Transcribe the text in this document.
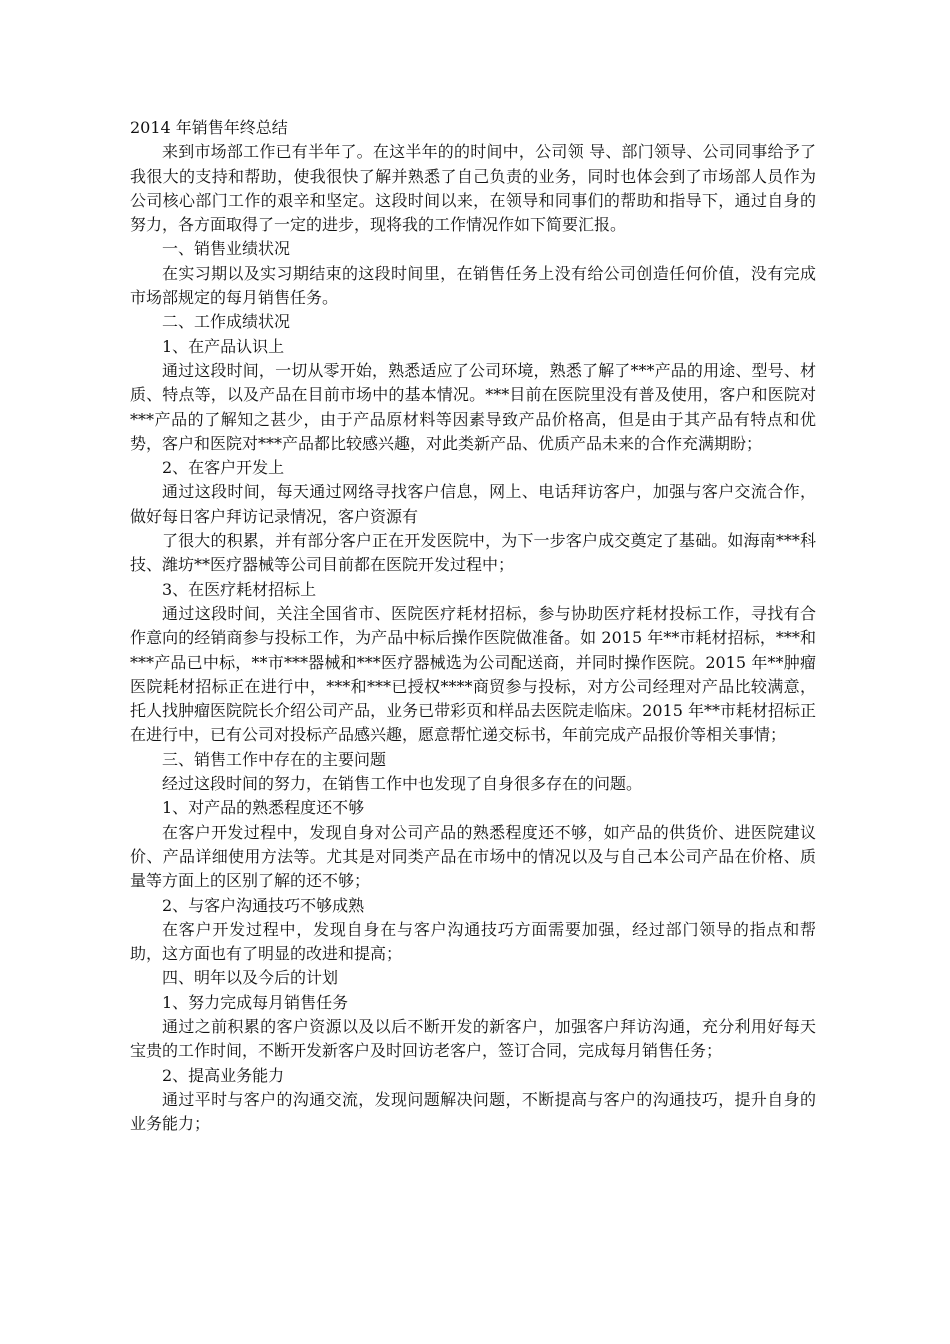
2014 年销售年终总结

来到市场部工作已有半年了。在这半年的的时间中，公司领 导、部门领导、公司同事给予了我很大的支持和帮助，使我很快了解并熟悉了自己负责的业务，同时也体会到了市场部人员作为公司核心部门工作的艰辛和坚定。这段时间以来，在领导和同事们的帮助和指导下，通过自身的努力，各方面取得了一定的进步，现将我的工作情况作如下简要汇报。

一、销售业绩状况

在实习期以及实习期结束的这段时间里，在销售任务上没有给公司创造任何价值，没有完成市场部规定的每月销售任务。

二、工作成绩状况

1、在产品认识上

通过这段时间，一切从零开始，熟悉适应了公司环境，熟悉了解了***产品的用途、型号、材质、特点等，以及产品在目前市场中的基本情况。***目前在医院里没有普及使用，客户和医院对***产品的了解知之甚少，由于产品原材料等因素导致产品价格高，但是由于其产品有特点和优势，客户和医院对***产品都比较感兴趣，对此类新产品、优质产品未来的合作充满期盼；

2、在客户开发上

通过这段时间，每天通过网络寻找客户信息，网上、电话拜访客户，加强与客户交流合作，做好每日客户拜访记录情况，客户资源有

了很大的积累，并有部分客户正在开发医院中，为下一步客户成交奠定了基础。如海南***科技、潍坊**医疗器械等公司目前都在医院开发过程中；

3、在医疗耗材招标上

通过这段时间，关注全国省市、医院医疗耗材招标，参与协助医疗耗材投标工作，寻找有合作意向的经销商参与投标工作，为产品中标后操作医院做准备。如 2015 年**市耗材招标，***和***产品已中标，**市***器械和***医疗器械选为公司配送商，并同时操作医院。2015 年**肿瘤医院耗材招标正在进行中，***和***已授权****商贸参与投标，对方公司经理对产品比较满意，托人找肿瘤医院院长介绍公司产品，业务已带彩页和样品去医院走临床。2015 年**市耗材招标正在进行中，已有公司对投标产品感兴趣，愿意帮忙递交标书，年前完成产品报价等相关事情；

三、销售工作中存在的主要问题

经过这段时间的努力，在销售工作中也发现了自身很多存在的问题。

1、对产品的熟悉程度还不够

在客户开发过程中，发现自身对公司产品的熟悉程度还不够，如产品的供货价、进医院建议价、产品详细使用方法等。尤其是对同类产品在市场中的情况以及与自己本公司产品在价格、质量等方面上的区别了解的还不够；

2、与客户沟通技巧不够成熟

在客户开发过程中，发现自身在与客户沟通技巧方面需要加强，经过部门领导的指点和帮助，这方面也有了明显的改进和提高；

四、明年以及今后的计划

1、努力完成每月销售任务

通过之前积累的客户资源以及以后不断开发的新客户，加强客户拜访沟通，充分利用好每天宝贵的工作时间，不断开发新客户及时回访老客户，签订合同，完成每月销售任务；

2、提高业务能力

通过平时与客户的沟通交流，发现问题解决问题，不断提高与客户的沟通技巧，提升自身的业务能力；
